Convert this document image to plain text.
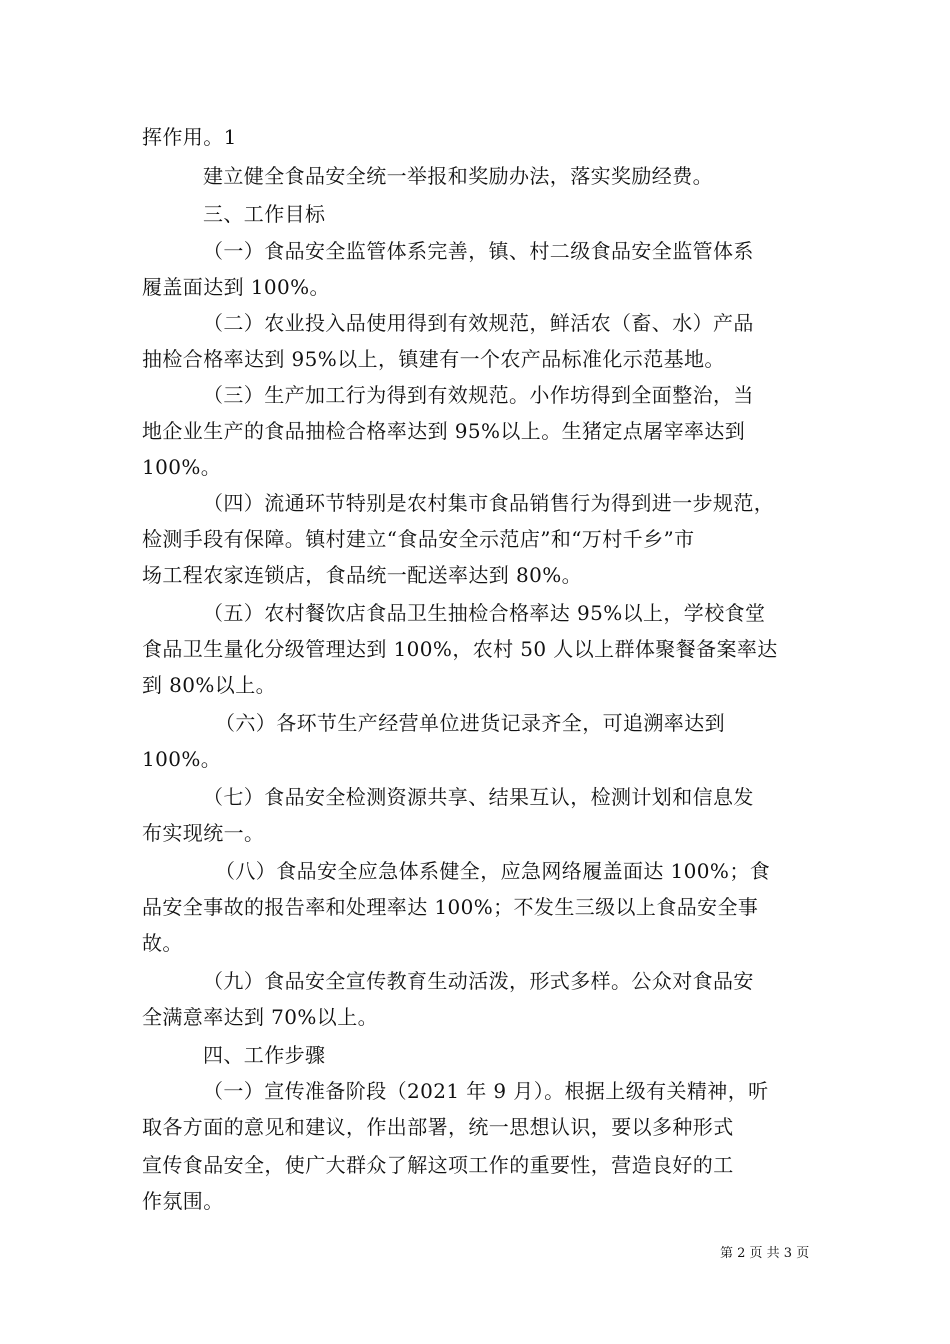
挥作用。1
建立健全食品安全统一举报和奖励办法，落实奖励经费。
三、工作目标
（一）食品安全监管体系完善，镇、村二级食品安全监管体系
履盖面达到 100%。
（二）农业投入品使用得到有效规范，鲜活农（畜、水）产品
抽检合格率达到 95%以上，镇建有一个农产品标准化示范基地。
（三）生产加工行为得到有效规范。小作坊得到全面整治，当
地企业生产的食品抽检合格率达到 95%以上。生猪定点屠宰率达到
100%。
（四）流通环节特别是农村集市食品销售行为得到进一步规范，
检测手段有保障。镇村建立“食品安全示范店”和“万村千乡”市
场工程农家连锁店，食品统一配送率达到 80%。
（五）农村餐饮店食品卫生抽检合格率达 95%以上，学校食堂
食品卫生量化分级管理达到 100%，农村 50 人以上群体聚餐备案率达
到 80%以上。
（六）各环节生产经营单位进货记录齐全，可追溯率达到
100%。
（七）食品安全检测资源共享、结果互认，检测计划和信息发
布实现统一。
（八）食品安全应急体系健全，应急网络履盖面达 100%；食
品安全事故的报告率和处理率达 100%；不发生三级以上食品安全事
故。
（九）食品安全宣传教育生动活泼，形式多样。公众对食品安
全满意率达到 70%以上。
四、工作步骤
（一）宣传准备阶段（2021 年 9 月）。根据上级有关精神，听
取各方面的意见和建议，作出部署，统一思想认识，要以多种形式
宣传食品安全，使广大群众了解这项工作的重要性，营造良好的工
作氛围。
第 2 页 共 3 页
